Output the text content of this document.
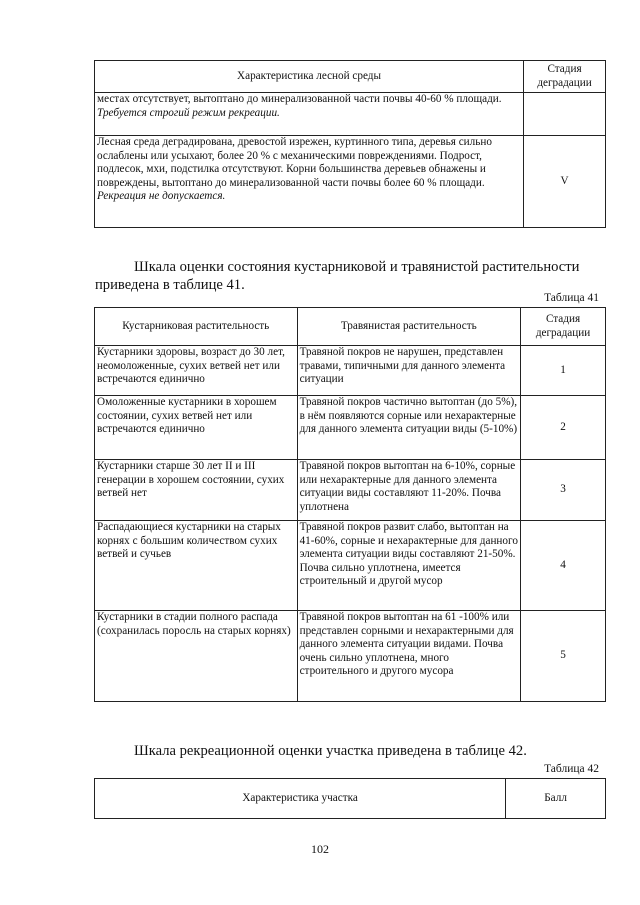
Характеристика лесной среды	Стадия деградации

местах отсутствует, вытоптано до минерализованной части почвы 40-60 % площади.
Требуется строгий режим рекреации.	

Лесная среда деградирована, древостой изрежен, куртинного типа, деревья сильно ослаблены или усыхают, более 20 % с механическими повреждениями. Подрост, подлесок, мхи, подстилка отсутствуют. Корни большинства деревьев обнажены и повреждены, вытоптано до минерализованной части почвы более 60 % площади.
Рекреация не допускается.	V
Шкала оценки состояния кустарниковой и травянистой растительности приведена в таблице 41.
Таблица 41
Кустарниковая растительность	Травянистая растительность	Стадия деградации
Кустарники здоровы, возраст до 30 лет, неомоложенные, сухих ветвей нет или встречаются единично	Травяной покров не нарушен, представлен травами, типичными для данного элемента ситуации	1
Омоложенные кустарники в хорошем состоянии, сухих ветвей нет или встречаются единично	Травяной покров частично вытоптан (до 5%), в нём появляются сорные или нехарактерные для данного элемента ситуации виды (5-10%)	2
Кустарники старше 30 лет II и III генерации в хорошем состоянии, сухих ветвей нет	Травяной покров вытоптан на 6-10%, сорные или нехарактерные для данного элемента ситуации виды составляют 11-20%. Почва уплотнена	3
Распадающиеся кустарники на старых корнях с большим количеством сухих ветвей и сучьев	Травяной покров развит слабо, вытоптан на 41-60%, сорные и нехарактерные для данного элемента ситуации виды составляют 21-50%. Почва сильно уплотнена, имеется строительный и другой мусор	4
Кустарники в стадии полного распада (сохранилась поросль на старых корнях)	Травяной покров вытоптан на 61 -100% или представлен сорными и нехарактерными для данного элемента ситуации видами. Почва очень сильно уплотнена, много строительного и другого мусора	5
Шкала рекреационной оценки участка приведена в таблице 42.
Таблица 42
Характеристика участка	Балл
102
